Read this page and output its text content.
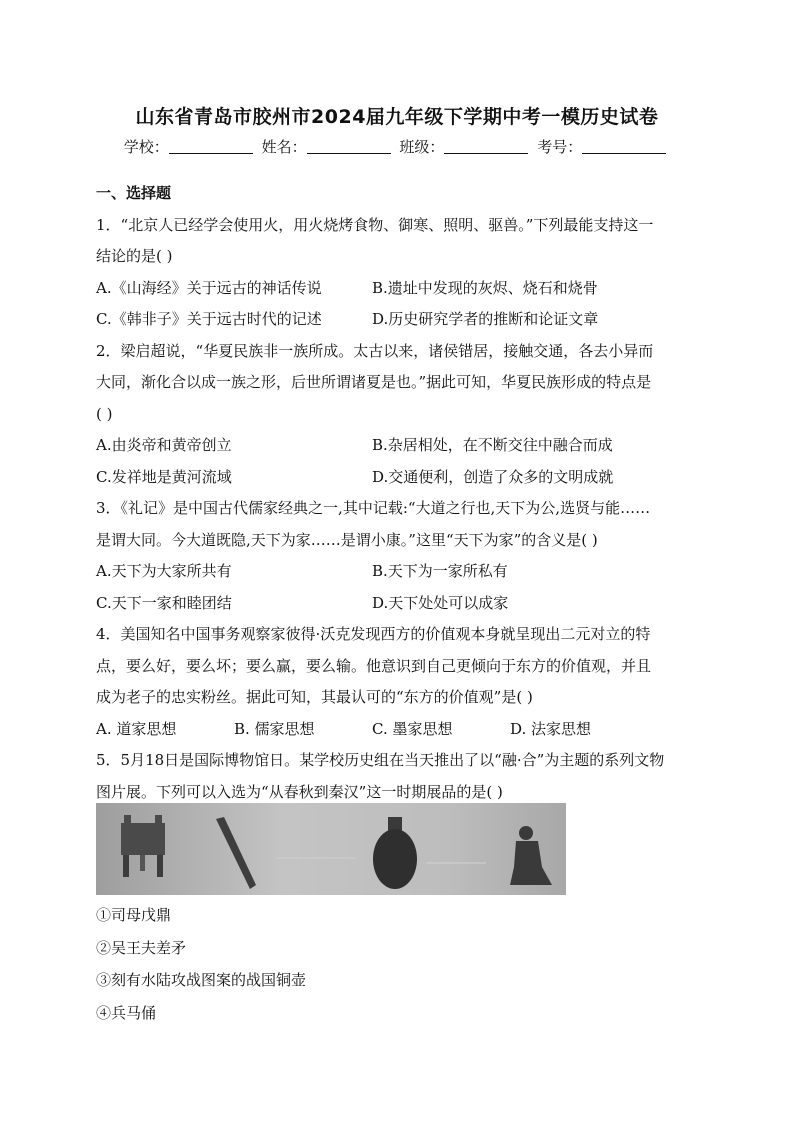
山东省青岛市胶州市2024届九年级下学期中考一模历史试卷
学校：	姓名：	班级：	考号：
一、选择题
1．“北京人已经学会使用火，用火烧烤食物、御寒、照明、驱兽。”下列最能支持这一
结论的是( )
A.《山海经》关于远古的神话传说	B.遗址中发现的灰烬、烧石和烧骨
C.《韩非子》关于远古时代的记述	D.历史研究学者的推断和论证文章
2．梁启超说，“华夏民族非一族所成。太古以来，诸侯错居，接触交通，各去小异而
大同，渐化合以成一族之形，后世所谓诸夏是也。”据此可知，华夏民族形成的特点是
( )
A.由炎帝和黄帝创立	B.杂居相处，在不断交往中融合而成
C.发祥地是黄河流域	D.交通便利，创造了众多的文明成就
3．《礼记》是中国古代儒家经典之一,其中记载:“大道之行也,天下为公,选贤与能……
是谓大同。今大道既隐,天下为家……是谓小康。”这里“天下为家”的含义是( )
A.天下为大家所共有	B.天下为一家所私有
C.天下一家和睦团结	D.天下处处可以成家
4．美国知名中国事务观察家彼得·沃克发现西方的价值观本身就呈现出二元对立的特
点，要么好，要么坏；要么赢，要么输。他意识到自己更倾向于东方的价值观，并且
成为老子的忠实粉丝。据此可知，其最认可的“东方的价值观”是( )
A. 道家思想	B. 儒家思想	C. 墨家思想	D. 法家思想
5．5月18日是国际博物馆日。某学校历史组在当天推出了以“融·合”为主题的系列文物
图片展。下列可以入选为“从春秋到秦汉”这一时期展品的是( )
①司母戊鼎
②吴王夫差矛
③刻有水陆攻战图案的战国铜壶
④兵马俑
